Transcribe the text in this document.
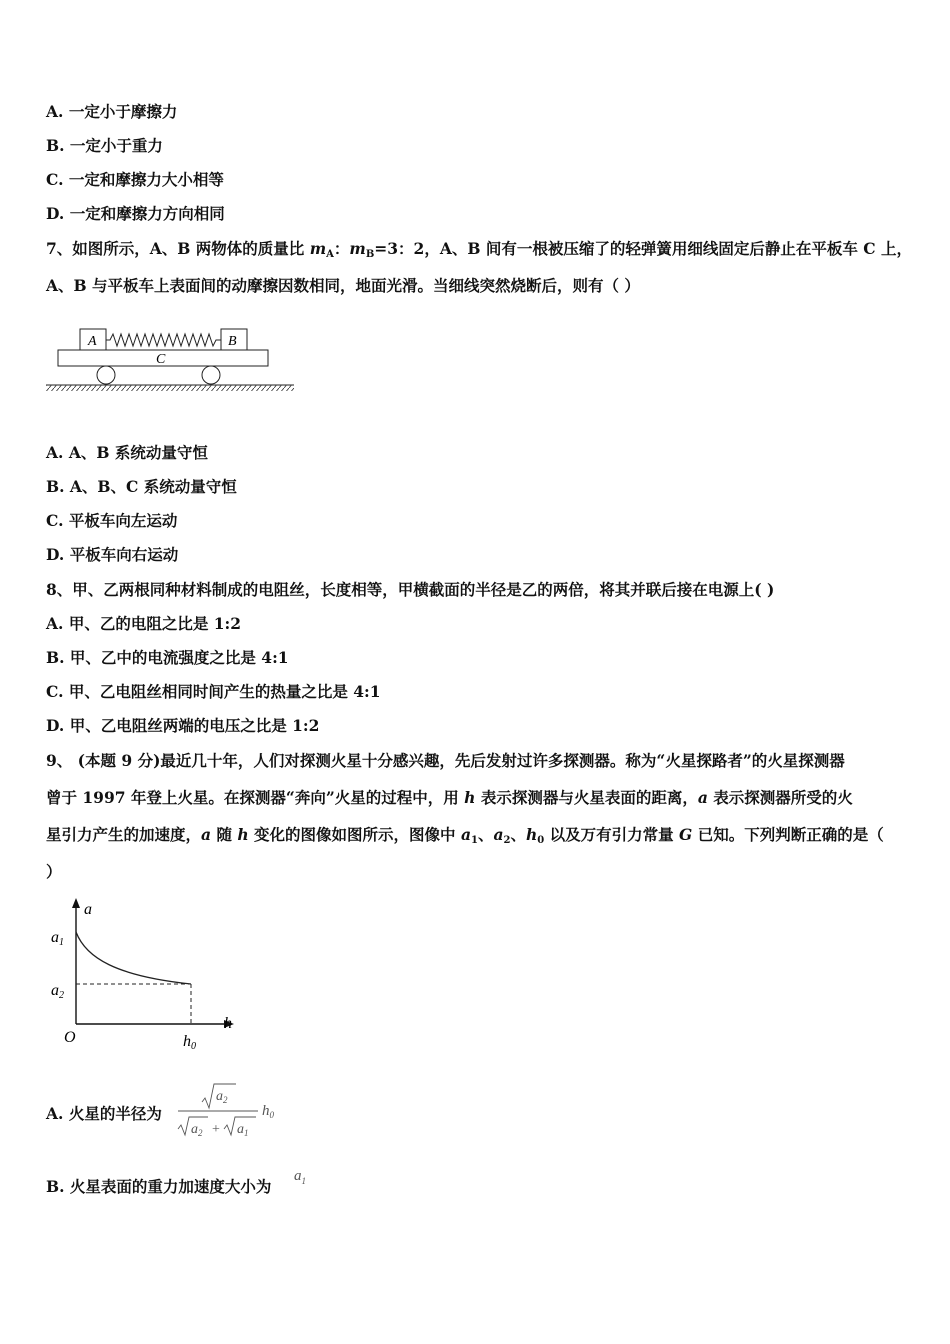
A. 一定小于摩擦力
B. 一定小于重力
C. 一定和摩擦力大小相等
D. 一定和摩擦力方向相同
7、如图所示，A、B 两物体的质量比 $m_A$：$m_B=3$：2，A、B 间有一根被压缩了的轻弹簧用细线固定后静止在平板车 C 上，
A、B 与平板车上表面间的动摩擦因数相同，地面光滑。当细线突然烧断后，则有（ ）
C
A	B
A. A、B 系统动量守恒
B. A、B、C 系统动量守恒
C. 平板车向左运动
D. 平板车向右运动
8、甲、乙两根同种材料制成的电阻丝，长度相等，甲横截面的半径是乙的两倍，将其并联后接在电源上( )
A. 甲、乙的电阻之比是 1:2
B. 甲、乙中的电流强度之比是 4:1
C. 甲、乙电阻丝相同时间产生的热量之比是 4:1
D. 甲、乙电阻丝两端的电压之比是 1:2
9、 (本题 9 分)最近几十年，人们对探测火星十分感兴趣，先后发射过许多探测器。称为“火星探路者”的火星探测器
曾于 1997 年登上火星。在探测器“奔向”火星的过程中，用 h 表示探测器与火星表面的距离，a 表示探测器所受的火
星引力产生的加速度，a 随 h 变化的图像如图所示，图像中 $a_1$、$a_2$、$h_0$ 以及万有引力常量 G 已知。下列判断正确的是（
）
a
a1
a2
O
h
h0
A. 火星的半径为
$a_2$
$a_2 + a_1$
$h_0$
B. 火星表面的重力加速度大小为
$a_1$
